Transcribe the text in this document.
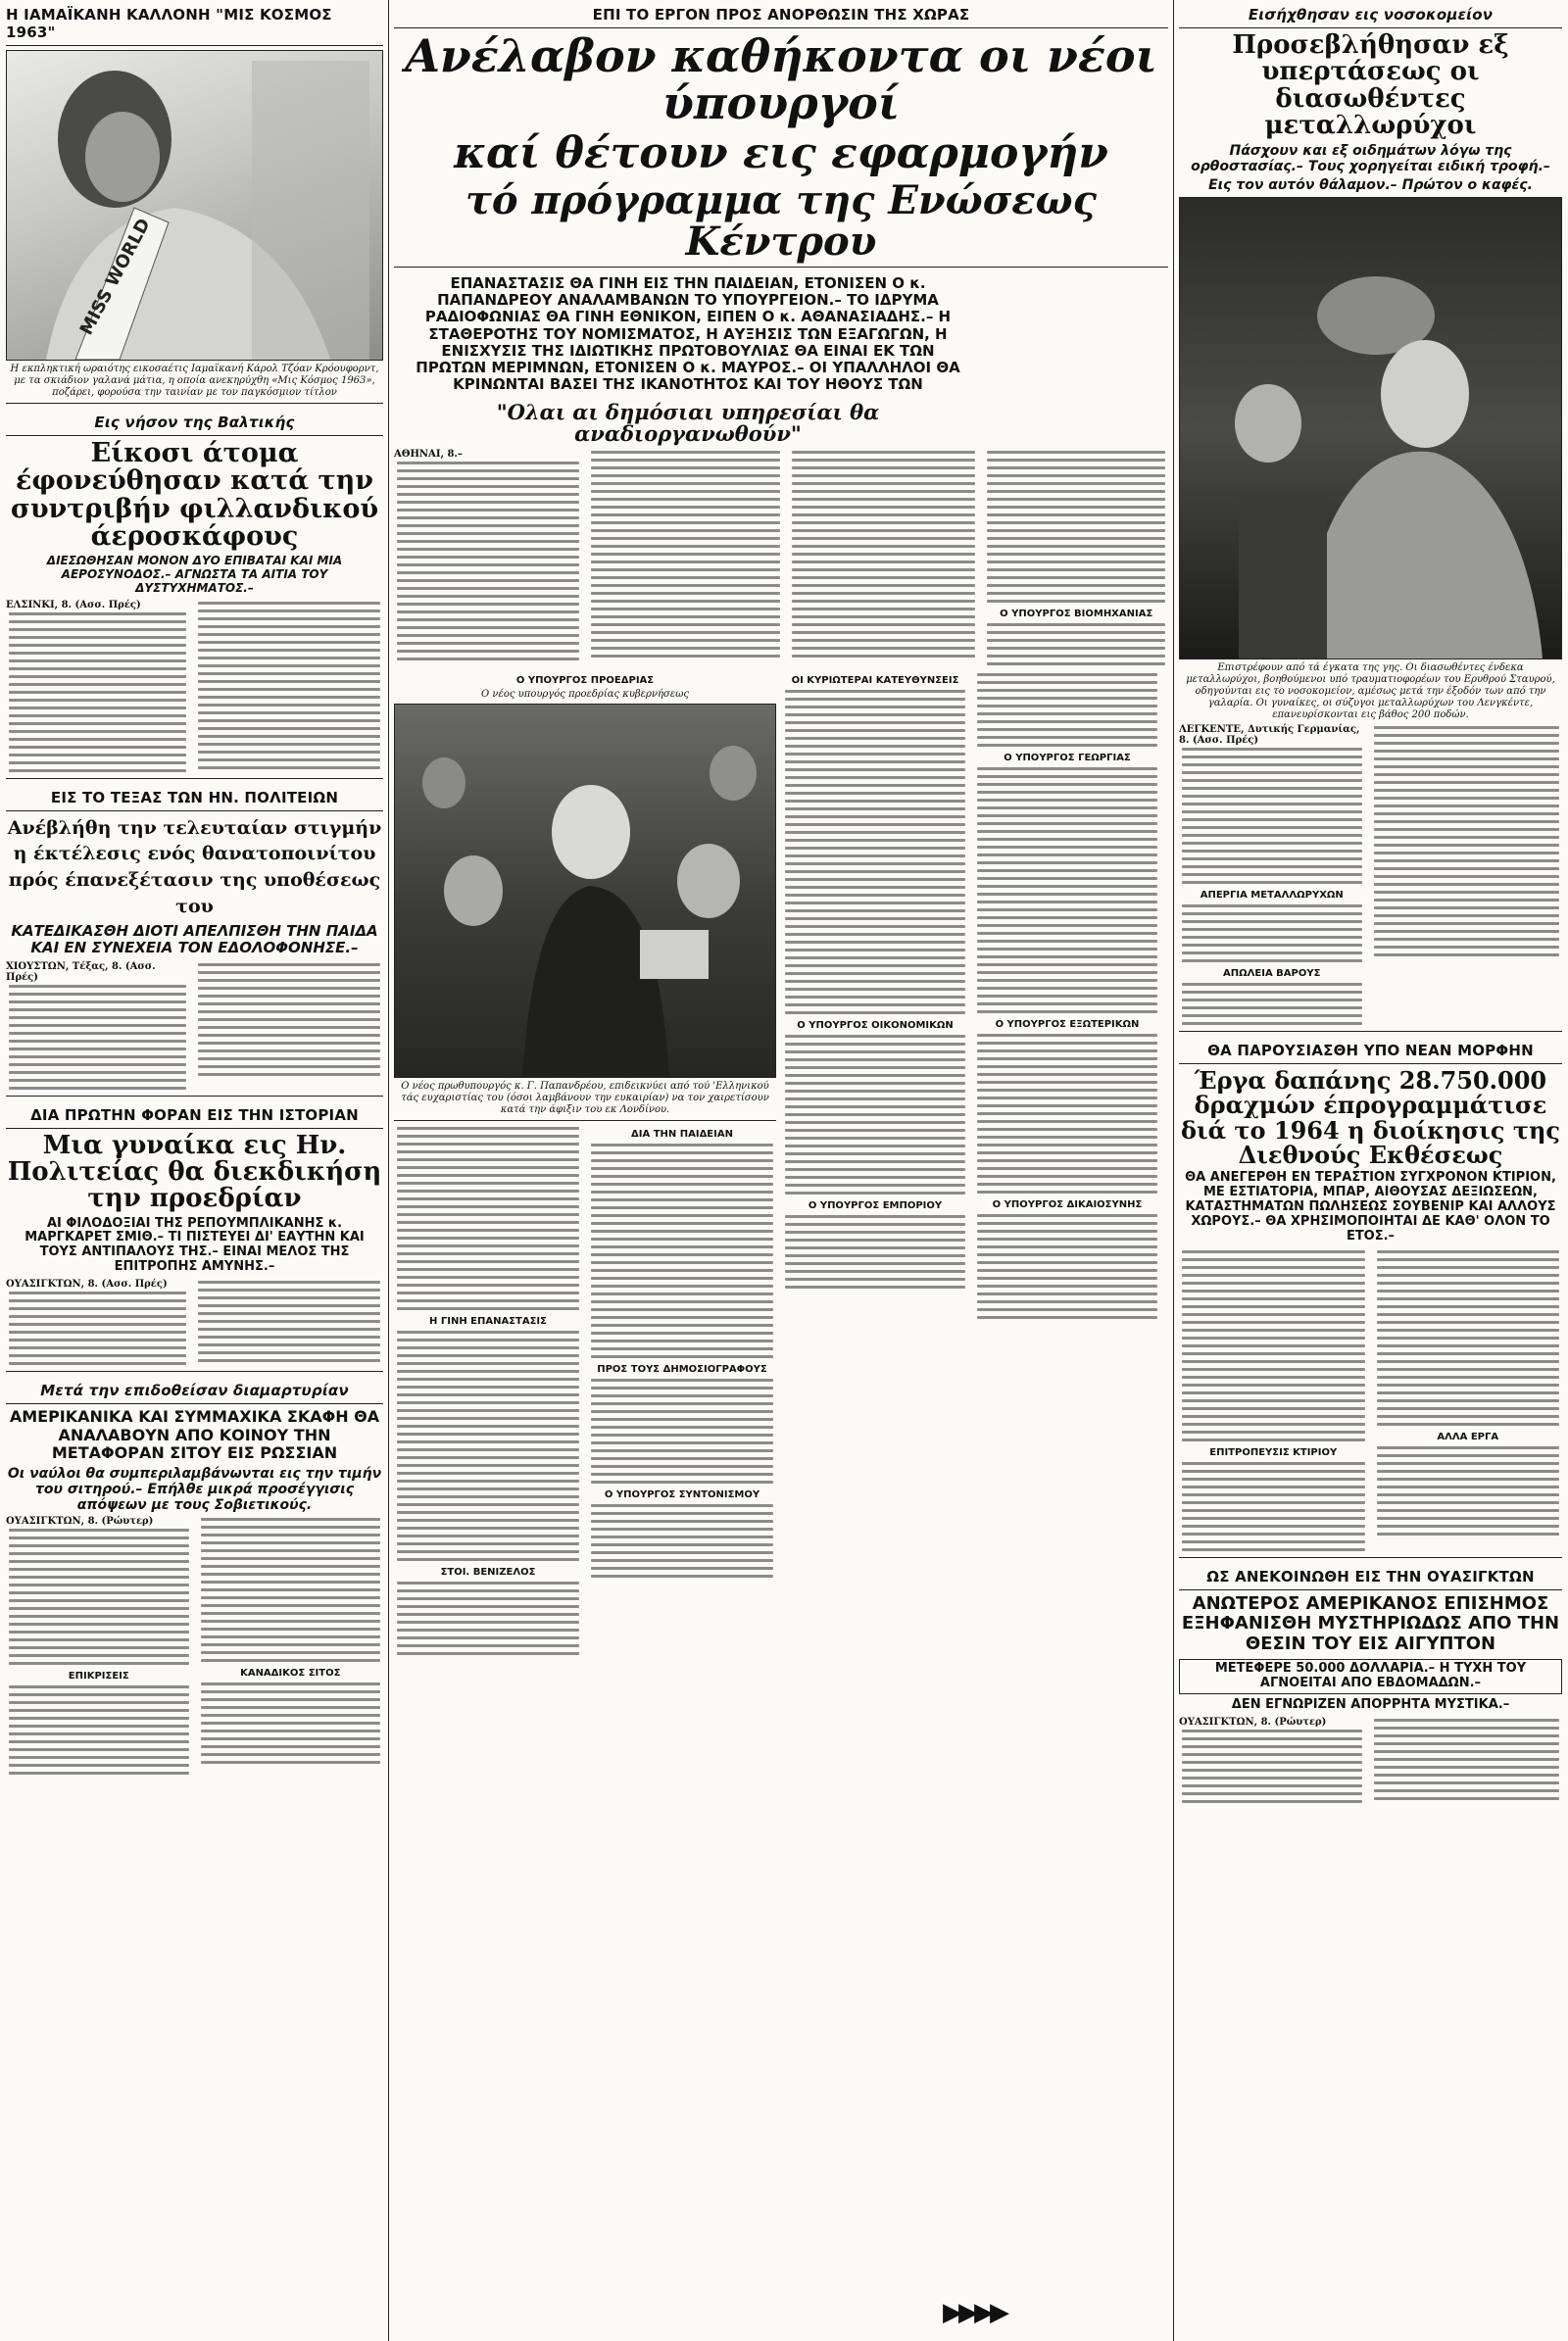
Η ΙΑΜΑΪΚΑΝΗ ΚΑΛΛΟΝΗ "ΜΙΣ ΚΟΣΜΟΣ 1963"
MISS WORLD
Η εκπληκτική ωραιότης εικοσαέτις Ιαμαϊκανή Κάρολ Τζόαν Κρόουφορντ, με τα σκιάδιον γαλανά μάτια, η οποία ανεκηρύχθη «Μις Κόσμος 1963», ποζάρει, φορούσα την ταινίαν με τον παγκόσμιον τίτλον
Εις νήσον της Βαλτικής
Είκοσι άτομα έφονεύθησαν κατά την συντριβήν φιλλανδικού άεροσκάφους
ΔΙΕΣΩΘΗΣΑΝ ΜΟΝΟΝ ΔΥΟ ΕΠΙΒΑΤΑΙ ΚΑΙ ΜΙΑ ΑΕΡΟΣΥΝΟΔΟΣ.– ΑΓΝΩΣΤΑ ΤΑ ΑΙΤΙΑ ΤΟΥ ΔΥΣΤΥΧΗΜΑΤΟΣ.–
ΕΛΣΙΝΚΙ, 8. (Ασσ. Πρές)
ΕΙΣ ΤΟ ΤΕΞΑΣ ΤΩΝ ΗΝ. ΠΟΛΙΤΕΙΩΝ
Ανέβλήθη την τελευταίαν στιγμήν η έκτέλεσις ενός θανατοποινίτου πρός έπανεξέτασιν της υποθέσεως του
ΚΑΤΕΔΙΚΑΣΘΗ ΔΙΟΤΙ ΑΠΕΛΠΙΣΘΗ ΤΗΝ ΠΑΙΔΑ ΚΑΙ ΕΝ ΣΥΝΕΧΕΙΑ ΤΟΝ ΕΔΟΛΟΦΟΝΗΣΕ.–
ΧΙΟΥΣΤΩΝ, Τέξας, 8. (Ασσ. Πρές)
ΔΙΑ ΠΡΩΤΗΝ ΦΟΡΑΝ ΕΙΣ ΤΗΝ ΙΣΤΟΡΙΑΝ
Μια γυναίκα εις Ην. Πολιτείας θα διεκδικήση την προεδρίαν
ΑΙ ΦΙΛΟΔΟΞΙΑΙ ΤΗΣ ΡΕΠΟΥΜΠΛΙΚΑΝΗΣ κ. ΜΑΡΓΚΑΡΕΤ ΣΜΙΘ.– ΤΙ ΠΙΣΤΕΥΕΙ ΔΙ' ΕΑΥΤΗΝ ΚΑΙ ΤΟΥΣ ΑΝΤΙΠΑΛΟΥΣ ΤΗΣ.– ΕΙΝΑΙ ΜΕΛΟΣ ΤΗΣ ΕΠΙΤΡΟΠΗΣ ΑΜΥΝΗΣ.–
ΟΥΑΣΙΓΚΤΩΝ, 8. (Ασσ. Πρές)
Μετά την επιδοθείσαν διαμαρτυρίαν
ΑΜΕΡΙΚΑΝΙΚΑ ΚΑΙ ΣΥΜΜΑΧΙΚΑ ΣΚΑΦΗ ΘΑ ΑΝΑΛΑΒΟΥΝ ΑΠΟ ΚΟΙΝΟΥ ΤΗΝ ΜΕΤΑΦΟΡΑΝ ΣΙΤΟΥ ΕΙΣ ΡΩΣΣΙΑΝ
Οι ναύλοι θα συμπεριλαμβάνωνται εις την τιμήν του σιτηρού.– Επήλθε μικρά προσέγγισις απόψεων με τους Σοβιετικούς.
ΟΥΑΣΙΓΚΤΩΝ, 8. (Ρώυτερ)
ΕΠΙΚΡΙΣΕΙΣ	ΚΑΝΑΔΙΚΟΣ ΣΙΤΟΣ
ΕΠΙ ΤΟ ΕΡΓΟΝ ΠΡΟΣ ΑΝΟΡΘΩΣΙΝ ΤΗΣ ΧΩΡΑΣ
Ανέλαβον καθήκοντα οι νέοι ύπουργοί
καί θέτουν εις εφαρμογήν
τό πρόγραμμα της Ενώσεως Κέντρου
ΕΠΑΝΑΣΤΑΣΙΣ ΘΑ ΓΙΝΗ ΕΙΣ ΤΗΝ ΠΑΙΔΕΙΑΝ, ΕΤΟΝΙΣΕΝ Ο κ. ΠΑΠΑΝΔΡΕΟΥ ΑΝΑΛΑΜΒΑΝΩΝ ΤΟ ΥΠΟΥΡΓΕΙΟΝ.– ΤΟ ΙΔΡΥΜΑ ΡΑΔΙΟΦΩΝΙΑΣ ΘΑ ΓΙΝΗ ΕΘΝΙΚΟΝ, ΕΙΠΕΝ Ο κ. ΑΘΑΝΑΣΙΑΔΗΣ.– Η ΣΤΑΘΕΡΟΤΗΣ ΤΟΥ ΝΟΜΙΣΜΑΤΟΣ, Η ΑΥΞΗΣΙΣ ΤΩΝ ΕΞΑΓΩΓΩΝ, Η ΕΝΙΣΧΥΣΙΣ ΤΗΣ ΙΔΙΩΤΙΚΗΣ ΠΡΩΤΟΒΟΥΛΙΑΣ ΘΑ ΕΙΝΑΙ ΕΚ ΤΩΝ ΠΡΩΤΩΝ ΜΕΡΙΜΝΩΝ, ΕΤΟΝΙΣΕΝ Ο κ. ΜΑΥΡΟΣ.– ΟΙ ΥΠΑΛΛΗΛΟΙ ΘΑ ΚΡΙΝΩΝΤΑΙ ΒΑΣΕΙ ΤΗΣ ΙΚΑΝΟΤΗΤΟΣ ΚΑΙ ΤΟΥ ΗΘΟΥΣ ΤΩΝ
"Ολαι αι δημόσιαι υπηρεσίαι θα αναδιοργανωθούν"
ΑΘΗΝΑΙ, 8.–
Ο ΥΠΟΥΡΓΟΣ ΒΙΟΜΗΧΑΝΙΑΣ
Ο ΥΠΟΥΡΓΟΣ ΠΡΟΕΔΡΙΑΣ
Ο νέος υπουργός προεδρίας κυβερνήσεως
Ο νέος πρωθυπουργός κ. Γ. Παπανδρέου, επιδεικνύει από τού 'Ελληνικού τάς ευχαριστίας του (όσοι λαμβάνουν την ευκαιρίαν) να τον χαιρετίσουν κατά την άφιξιν του εκ Λονδίνου.
Η ΓΙΝΗ ΕΠΑΝΑΣΤΑΣΙΣ
ΣΤΟΙ. ΒΕΝΙΖΕΛΟΣ
ΔΙΑ ΤΗΝ ΠΑΙΔΕΙΑΝ
ΠΡΟΣ ΤΟΥΣ ΔΗΜΟΣΙΟΓΡΑΦΟΥΣ
Ο ΥΠΟΥΡΓΟΣ ΣΥΝΤΟΝΙΣΜΟΥ
ΟΙ ΚΥΡΙΩΤΕΡΑΙ ΚΑΤΕΥΘΥΝΣΕΙΣ
Ο ΥΠΟΥΡΓΟΣ ΟΙΚΟΝΟΜΙΚΩΝ
Ο ΥΠΟΥΡΓΟΣ ΕΜΠΟΡΙΟΥ
Ο ΥΠΟΥΡΓΟΣ ΓΕΩΡΓΙΑΣ
Ο ΥΠΟΥΡΓΟΣ ΕΞΩΤΕΡΙΚΩΝ
Ο ΥΠΟΥΡΓΟΣ ΔΙΚΑΙΟΣΥΝΗΣ
▶▶▶▶
Εισήχθησαν εις νοσοκομείον
Προσεβλήθησαν εξ υπερτάσεως οι διασωθέντες μεταλλωρύχοι
Πάσχουν και εξ οιδημάτων λόγω της ορθοστασίας.– Τους χορηγείται ειδική τροφή.–
Εις τον αυτόν θάλαμον.– Πρώτον ο καφές.
Επιστρέφουν από τά έγκατα της γης. Οι διασωθέντες ένδεκα μεταλλωρύχοι, βοηθούμενοι υπό τραυματιοφορέων του Ερυθρού Σταυρού, οδηγούνται εις το νοσοκομείον, αμέσως μετά την έξοδόν των από την γαλαρία. Οι γυναίκες, οι σύζυγοι μεταλλωρύχων του Λενγκέντε, επανευρίσκονται εις βάθος 200 ποδών.
ΛΕΓΚΕΝΤΕ, Δυτικής Γερμανίας, 8. (Ασσ. Πρές)
ΑΠΕΡΓΙΑ ΜΕΤΑΛΛΩΡΥΧΩΝ
ΑΠΩΛΕΙΑ ΒΑΡΟΥΣ
ΘΑ ΠΑΡΟΥΣΙΑΣΘΗ ΥΠΟ ΝΕΑΝ ΜΟΡΦΗΝ
Έργα δαπάνης 28.750.000 δραχμών έπρογραμμάτισε διά το 1964 η διοίκησις της Διεθνούς Εκθέσεως
ΘΑ ΑΝΕΓΕΡΘΗ ΕΝ ΤΕΡΑΣΤΙΟΝ ΣΥΓΧΡΟΝΟΝ ΚΤΙΡΙΟΝ, ΜΕ ΕΣΤΙΑΤΟΡΙΑ, ΜΠΑΡ, ΑΙΘΟΥΣΑΣ ΔΕΞΙΩΣΕΩΝ, ΚΑΤΑΣΤΗΜΑΤΩΝ ΠΩΛΗΣΕΩΣ ΣΟΥΒΕΝΙΡ ΚΑΙ ΑΛΛΟΥΣ ΧΩΡΟΥΣ.– ΘΑ ΧΡΗΣΙΜΟΠΟΙΗΤΑΙ ΔΕ ΚΑΘ' ΟΛΟΝ ΤΟ ΕΤΟΣ.–
ΕΠΙΤΡΟΠΕΥΣΙΣ ΚΤΙΡΙΟΥ
ΑΛΛΑ ΕΡΓΑ
ΩΣ ΑΝΕΚΟΙΝΩΘΗ ΕΙΣ ΤΗΝ ΟΥΑΣΙΓΚΤΩΝ
ΑΝΩΤΕΡΟΣ ΑΜΕΡΙΚΑΝΟΣ ΕΠΙΣΗΜΟΣ ΕΞΗΦΑΝΙΣΘΗ ΜΥΣΤΗΡΙΩΔΩΣ ΑΠΟ ΤΗΝ ΘΕΣΙΝ ΤΟΥ ΕΙΣ ΑΙΓΥΠΤΟΝ
ΜΕΤΕΦΕΡΕ 50.000 ΔΟΛΛΑΡΙΑ.– Η ΤΥΧΗ ΤΟΥ ΑΓΝΟΕΙΤΑΙ ΑΠΟ ΕΒΔΟΜΑΔΩΝ.–
ΔΕΝ ΕΓΝΩΡΙΖΕΝ ΑΠΟΡΡΗΤΑ ΜΥΣΤΙΚΑ.–
ΟΥΑΣΙΓΚΤΩΝ, 8. (Ρώυτερ)
